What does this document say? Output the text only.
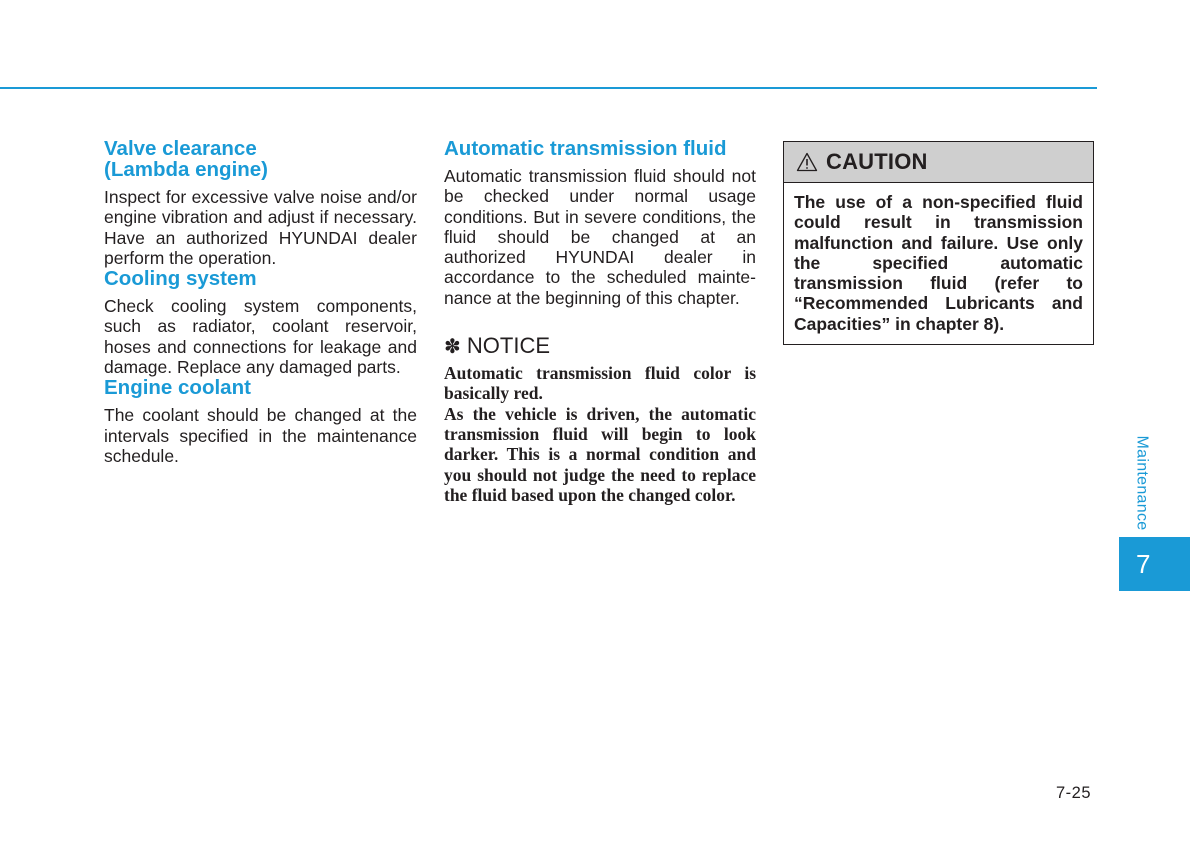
Valve clearance
(Lambda engine)

Inspect for excessive valve noise and/or engine vibration and adjust if necessary. Have an authorized HYUNDAI dealer perform the operation.

Cooling system

Check cooling system components, such as radiator, coolant reservoir, hoses and connections for leakage and damage. Replace any damaged parts.

Engine coolant

The coolant should be changed at the intervals specified in the maintenance schedule.

Automatic transmission fluid

Automatic transmission fluid should not be checked under normal usage conditions. But in severe conditions, the fluid should be changed at an authorized HYUNDAI dealer in accordance to the scheduled maintenance at the beginning of this chapter.

✽ NOTICE

Automatic transmission fluid color is basically red.

As the vehicle is driven, the automatic transmission fluid will begin to look darker. This is a normal condition and you should not judge the need to replace the fluid based upon the changed color.

CAUTION

The use of a non-specified fluid could result in transmission malfunction and failure. Use only the specified automatic transmission fluid (refer to “Recommended Lubricants and Capacities” in chapter 8).

Maintenance
7
7-25
